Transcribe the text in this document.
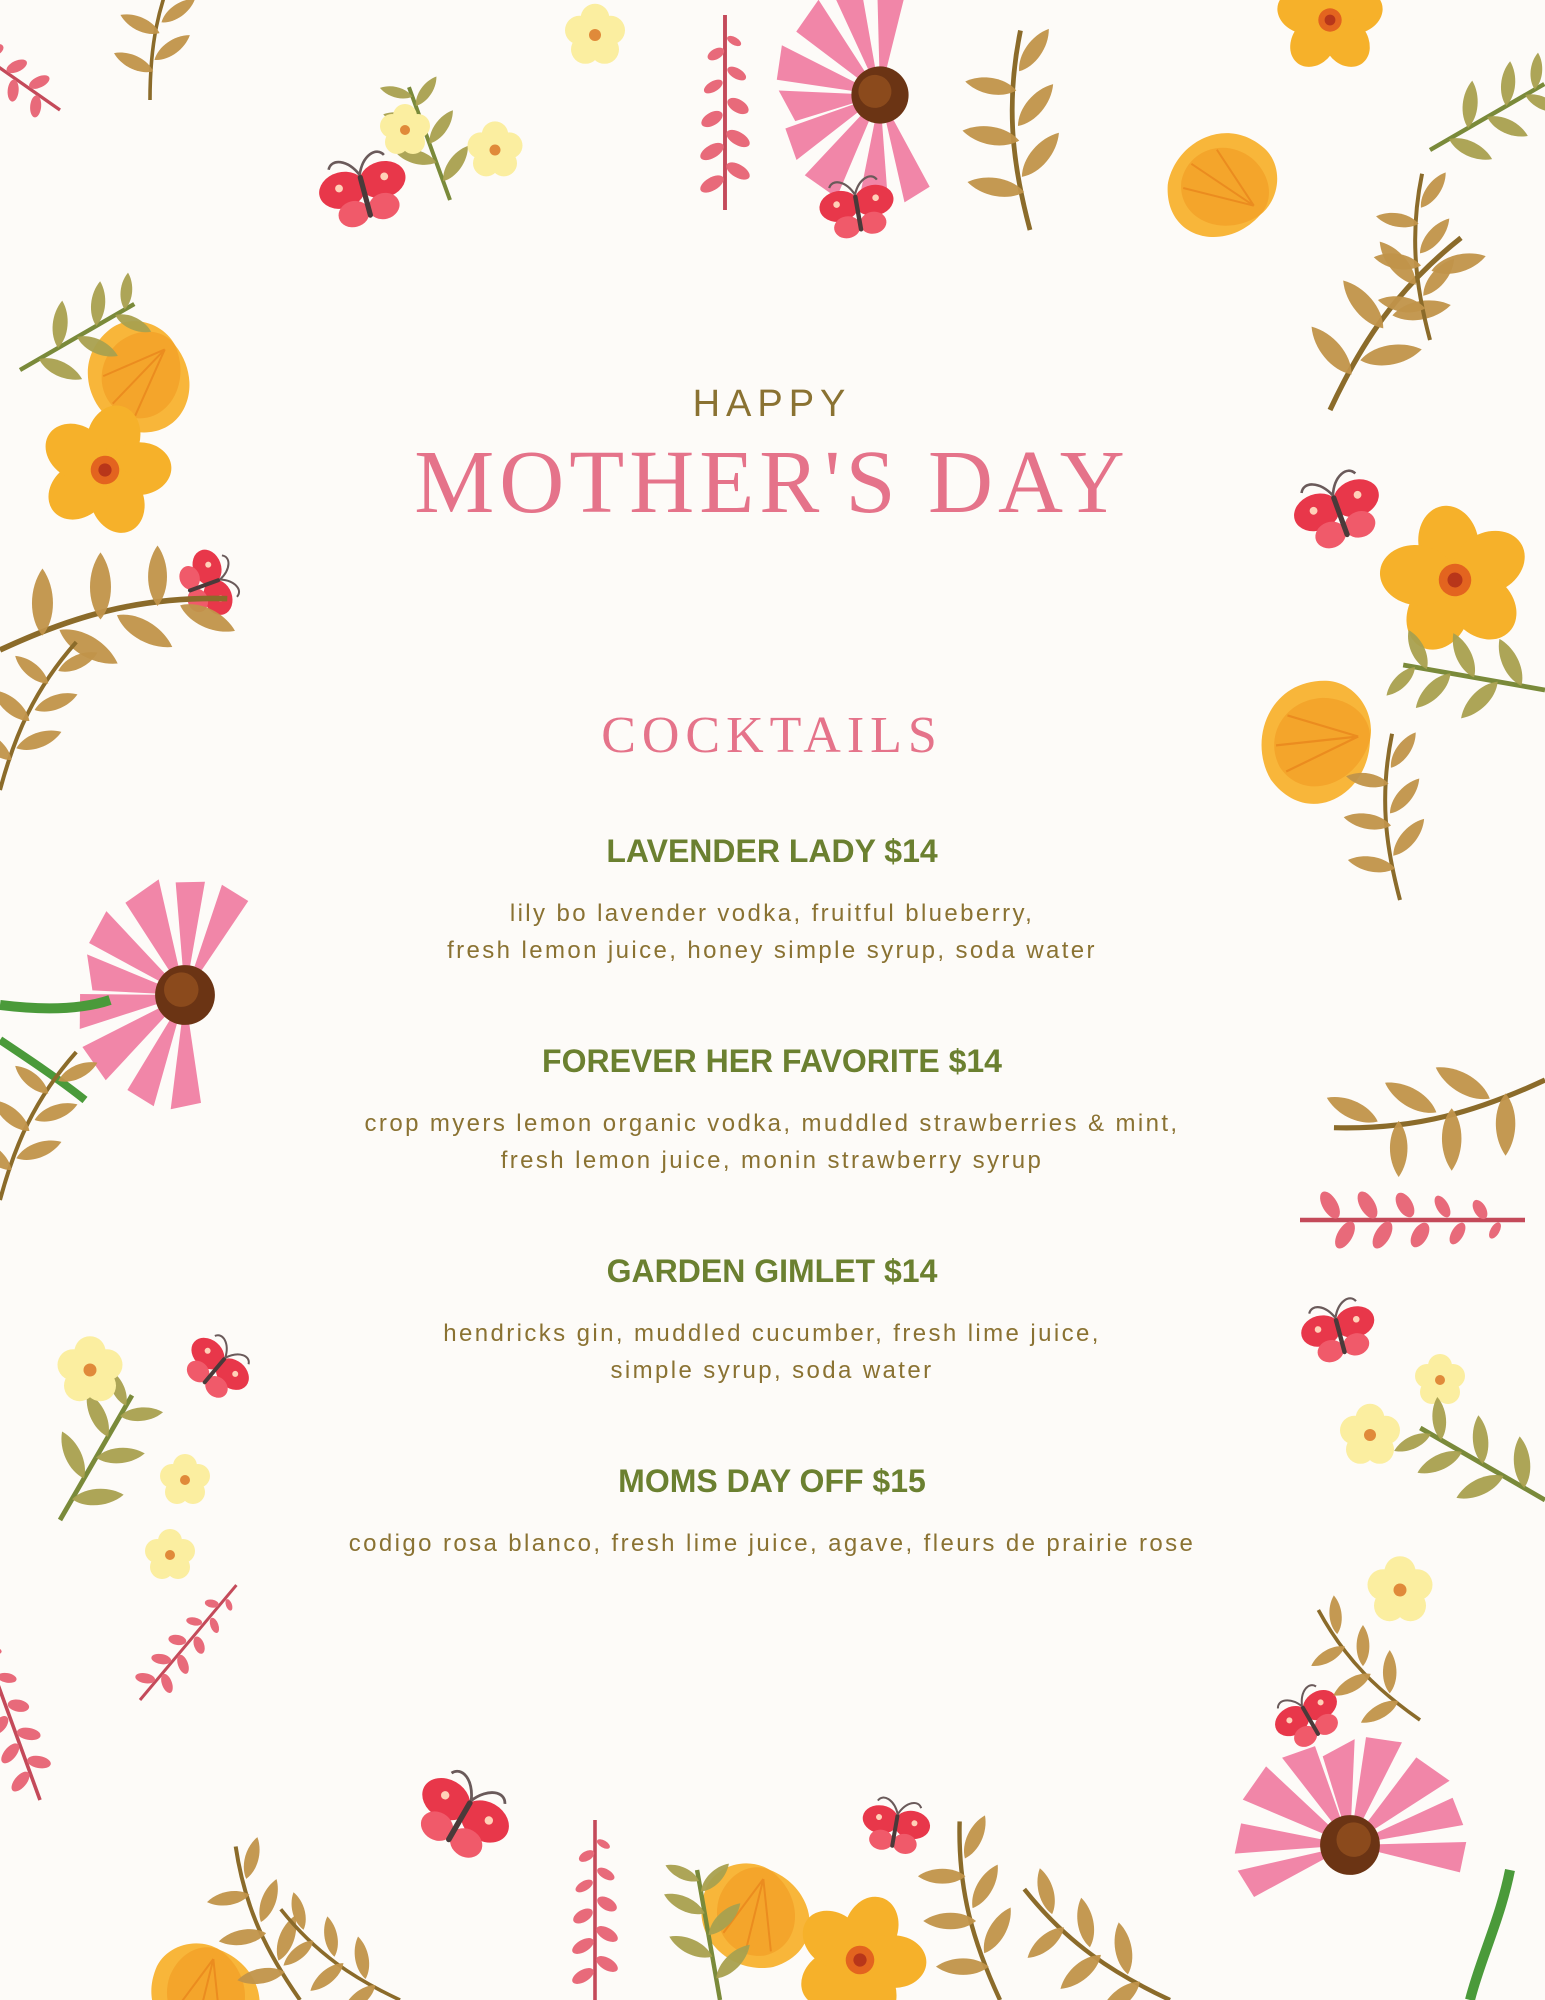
HAPPY
MOTHER'S DAY
COCKTAILS
LAVENDER LADY $14
lily bo lavender vodka, fruitful blueberry,
fresh lemon juice, honey simple syrup, soda water
FOREVER HER FAVORITE $14
crop myers lemon organic vodka, muddled strawberries & mint,
fresh lemon juice, monin strawberry syrup
GARDEN GIMLET $14
hendricks gin, muddled cucumber, fresh lime juice,
simple syrup, soda water
MOMS DAY OFF $15
codigo rosa blanco, fresh lime juice, agave, fleurs de prairie rose
